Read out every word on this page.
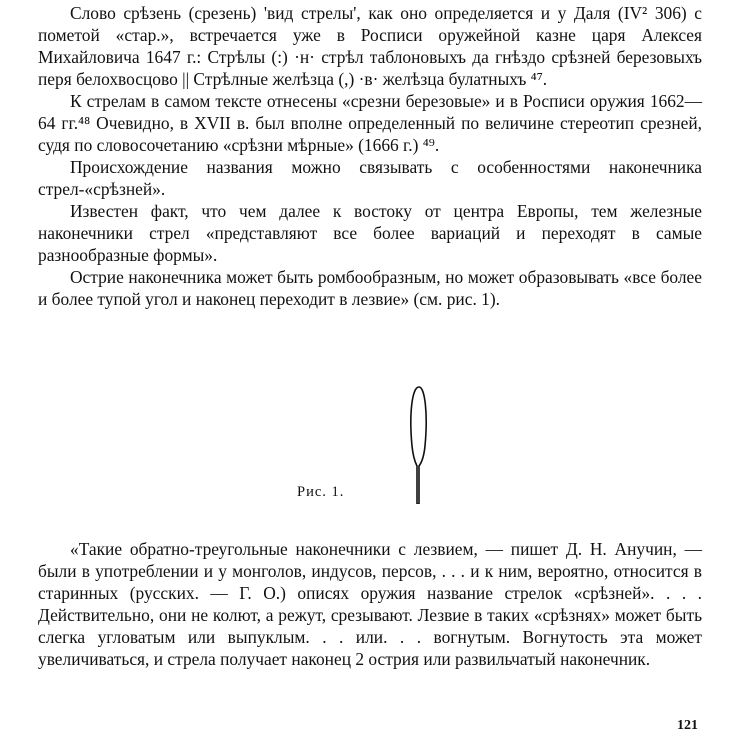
Слово срѣзень (срезень) 'вид стрелы', как оно определяется и у Даля (IV² 306) с пометой «стар.», встречается уже в Росписи оружейной казне царя Алексея Михайловича 1647 г.: Стрѣлы (:) ·н· стрѣл таблоновыхъ да гнѣздо срѣзней березовыхъ перя белохвосцово || Стрѣлные желѣзца (,) ·в· желѣзца булатныхъ ⁴⁷.

К стрелам в самом тексте отнесены «срезни березовые» и в Росписи оружия 1662—64 гг.⁴⁸ Очевидно, в XVII в. был вполне определенный по величине стереотип срезней, судя по словосочетанию «срѣзни мѣрные» (1666 г.) ⁴⁹.

Происхождение названия можно связывать с особенностями наконечника стрел-«срѣзней».

Известен факт, что чем далее к востоку от центра Европы, тем железные наконечники стрел «представляют все более вариаций и переходят в самые разнообразные формы».

Острие наконечника может быть ромбообразным, но может образовывать «все более и более тупой угол и наконец переходит в лезвие» (см. рис. 1).

Рис. 1.

«Такие обратно-треугольные наконечники с лезвием, — пишет Д. Н. Анучин, — были в употреблении и у монголов, индусов, персов, . . . и к ним, вероятно, относится в старинных (русских. — Г. О.) описях оружия название стрелок «срѣзней». . . . Действительно, они не колют, а режут, срезывают. Лезвие в таких «срѣзнях» может быть слегка угловатым или выпуклым. . . или. . . вогнутым. Вогнутость эта может увеличиваться, и стрела получает наконец 2 острия или развильчатый наконечник.

121
